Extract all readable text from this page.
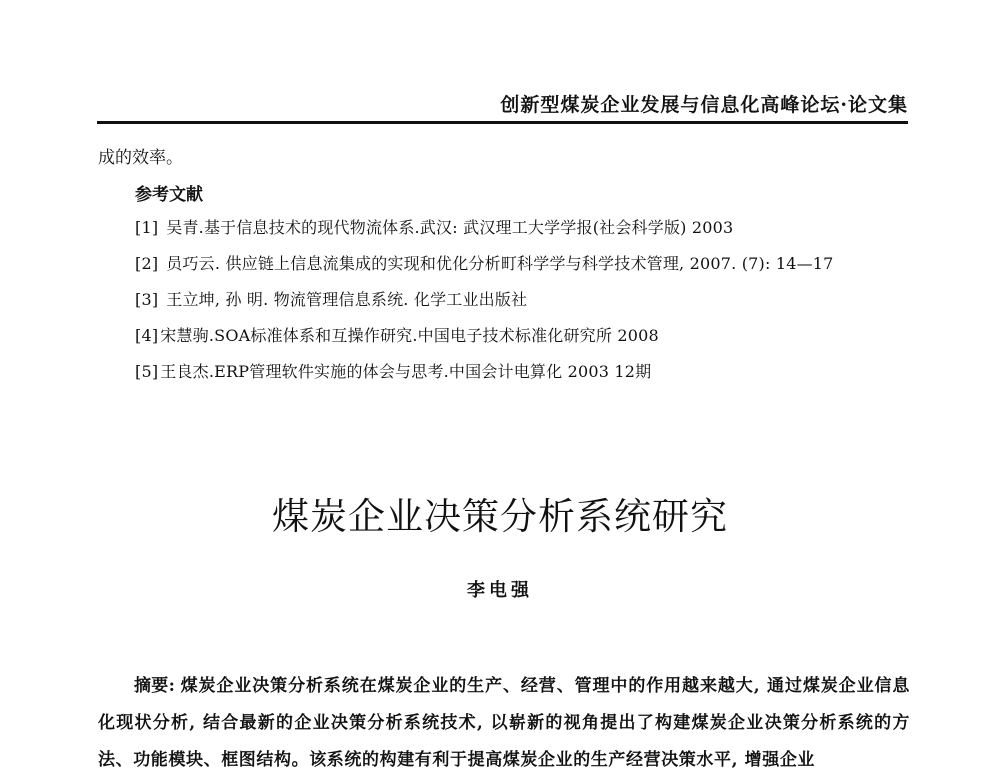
创新型煤炭企业发展与信息化高峰论坛·论文集
成的效率。
参考文献
[1] 吴青.基于信息技术的现代物流体系.武汉: 武汉理工大学学报(社会科学版) 2003
[2] 员巧云. 供应链上信息流集成的实现和优化分析町科学学与科学技术管理, 2007. (7): 14—17
[3] 王立坤, 孙 明. 物流管理信息系统. 化学工业出版社
[4] 宋慧驹.SOA标准体系和互操作研究.中国电子技术标准化研究所 2008
[5] 王良杰.ERP管理软件实施的体会与思考.中国会计电算化 2003 12期
煤炭企业决策分析系统研究
李电强
摘要: 煤炭企业决策分析系统在煤炭企业的生产、经营、管理中的作用越来越大, 通过煤炭企业信息化现状分析, 结合最新的企业决策分析系统技术, 以崭新的视角提出了构建煤炭企业决策分析系统的方法、功能模块、框图结构。该系统的构建有利于提高煤炭企业的生产经营决策水平, 增强企业
